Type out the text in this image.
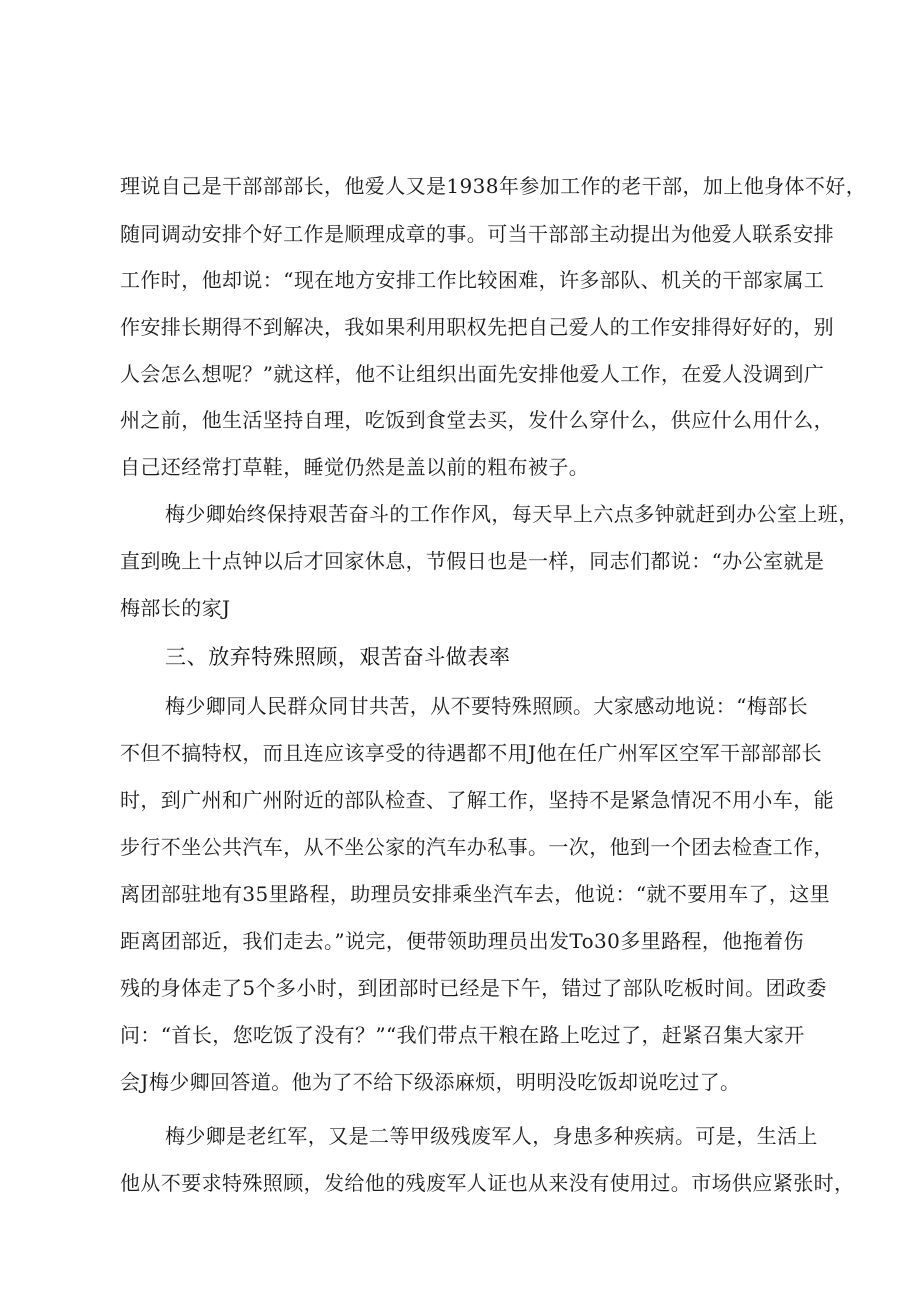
理说自己是干部部部长，他爱人又是1938年参加工作的老干部，加上他身体不好，
随同调动安排个好工作是顺理成章的事。可当干部部主动提出为他爱人联系安排
工作时，他却说：“现在地方安排工作比较困难，许多部队、机关的干部家属工
作安排长期得不到解决，我如果利用职权先把自己爱人的工作安排得好好的，别
人会怎么想呢？”就这样，他不让组织出面先安排他爱人工作，在爱人没调到广
州之前，他生活坚持自理，吃饭到食堂去买，发什么穿什么，供应什么用什么，
自己还经常打草鞋，睡觉仍然是盖以前的粗布被子。
梅少卿始终保持艰苦奋斗的工作作风，每天早上六点多钟就赶到办公室上班，
直到晚上十点钟以后才回家休息，节假日也是一样，同志们都说：“办公室就是
梅部长的家J
三、放弃特殊照顾，艰苦奋斗做表率
梅少卿同人民群众同甘共苦，从不要特殊照顾。大家感动地说：“梅部长
不但不搞特权，而且连应该享受的待遇都不用J他在任广州军区空军干部部部长
时，到广州和广州附近的部队检查、了解工作，坚持不是紧急情况不用小车，能
步行不坐公共汽车，从不坐公家的汽车办私事。一次，他到一个团去检查工作，
离团部驻地有35里路程，助理员安排乘坐汽车去，他说：“就不要用车了，这里
距离团部近，我们走去。”说完，便带领助理员出发To30多里路程，他拖着伤
残的身体走了5个多小时，到团部时已经是下午，错过了部队吃板时间。团政委
问：“首长，您吃饭了没有？”“我们带点干粮在路上吃过了，赶紧召集大家开
会J梅少卿回答道。他为了不给下级添麻烦，明明没吃饭却说吃过了。
梅少卿是老红军，又是二等甲级残废军人，身患多种疾病。可是，生活上
他从不要求特殊照顾，发给他的残废军人证也从来没有使用过。市场供应紧张时，
